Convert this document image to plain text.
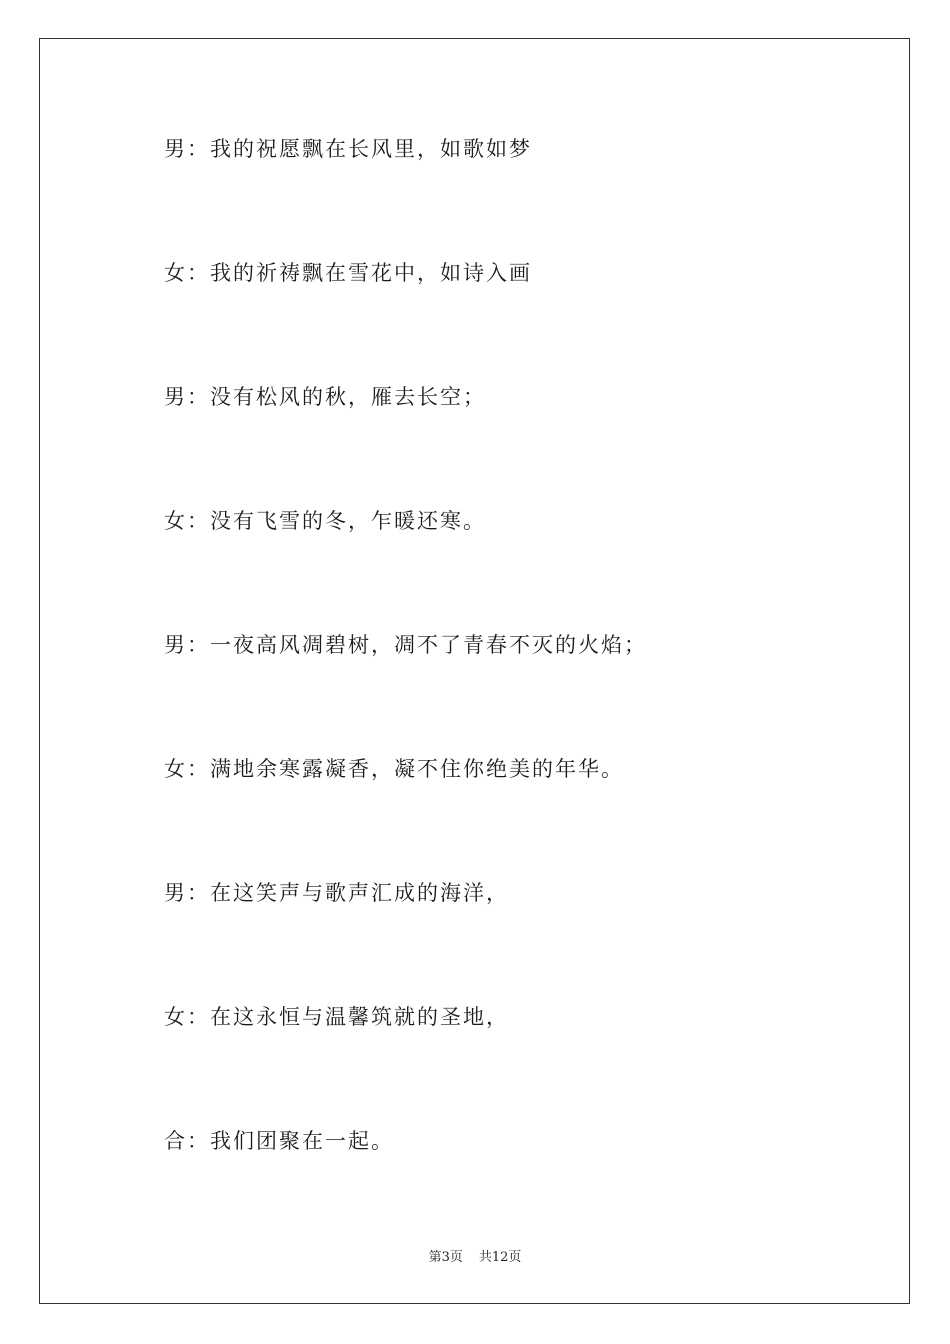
男：我的祝愿飘在长风里，如歌如梦
女：我的祈祷飘在雪花中，如诗入画
男：没有松风的秋，雁去长空；
女：没有飞雪的冬，乍暖还寒。
男：一夜高风凋碧树，凋不了青春不灭的火焰；
女：满地余寒露凝香，凝不住你绝美的年华。
男：在这笑声与歌声汇成的海洋，
女：在这永恒与温馨筑就的圣地，
合：我们团聚在一起。
第3页 共12页
